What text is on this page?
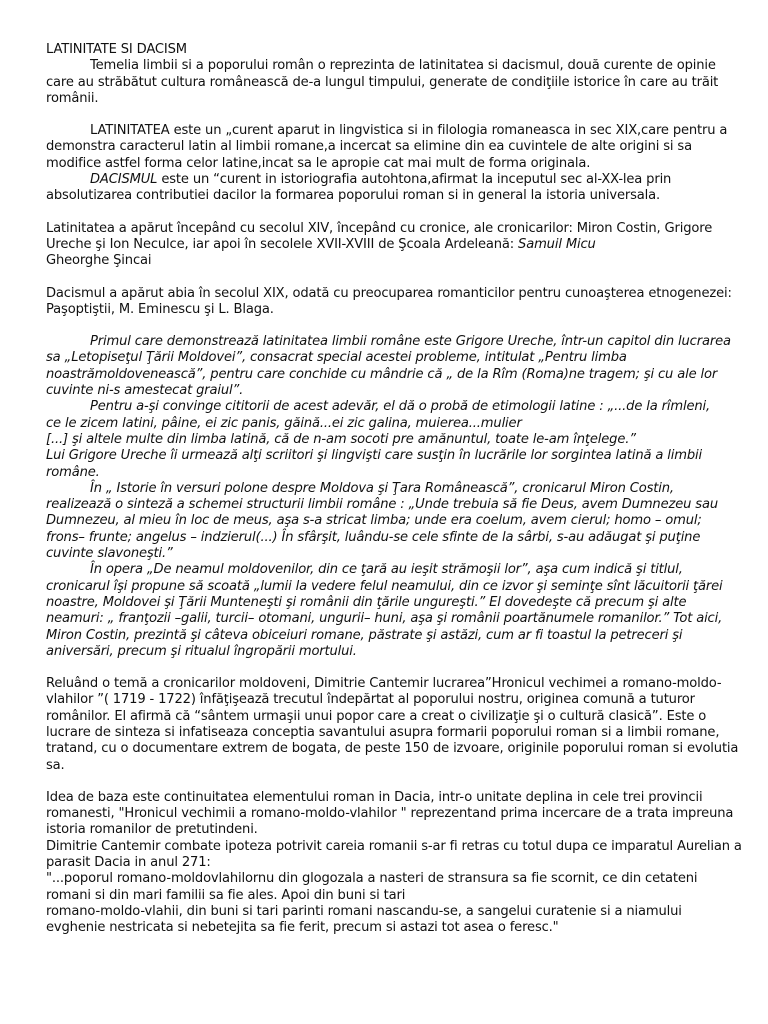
LATINITATE SI DACISM

Temelia limbii si a poporului român o reprezinta de latinitatea si dacismul, două curente de opinie care au străbătut cultura românească de-a lungul timpului, generate de condiţiile istorice în care au trăit românii.

LATINITATEA este un „curent aparut in lingvistica si in filologia romaneasca in sec XIX,care pentru a demonstra caracterul latin al limbii romane,a incercat sa elimine din ea cuvintele de alte origini si sa modifice astfel forma celor latine,incat sa le apropie cat mai mult de forma originala.

DACISMUL este un “curent in istoriografia autohtona,afirmat la inceputul sec al-XX-lea prin absolutizarea contributiei dacilor la formarea poporului roman si in general la istoria universala.

Latinitatea a apărut începând cu secolul XIV, începând cu cronice, ale cronicarilor: Miron Costin, Grigore Ureche şi Ion Neculce, iar apoi în secolele XVII-XVIII de Şcoala Ardeleană: Samuil Micu

Gheorghe Şincai

Dacismul a apărut abia în secolul XIX, odată cu preocuparea romanticilor pentru cunoaşterea etnogenezei: Paşoptiştii, M. Eminescu şi L. Blaga.

Primul care demonstrează latinitatea limbii române este Grigore Ureche, într-un capitol din lucrarea sa „Letopiseţul Ţării Moldovei”, consacrat special acestei probleme, intitulat „Pentru limba noastrămoldovenească”, pentru care conchide cu mândrie că „ de la Rîm (Roma)ne tragem; şi cu ale lor cuvinte ni-s amestecat graiul”.

Pentru a-şi convinge cititorii de acest adevăr, el dă o probă de etimologii latine : „...de la rîmleni,

ce le zicem latini, pâine, ei zic panis, găină...ei zic galina, muierea...mulier

[...] şi altele multe din limba latină, că de n-am socoti pre amănuntul, toate le-am înţelege.”

Lui Grigore Ureche îi urmează alţi scriitori şi lingvişti care susţin în lucrările lor sorgintea latină a limbii române.

În „ Istorie în versuri polone despre Moldova şi Ţara Românească”, cronicarul Miron Costin, realizează o sinteză a schemei structurii limbii române : „Unde trebuia să fie Deus, avem Dumnezeu sau

Dumnezeu, al mieu în loc de meus, aşa s-a stricat limba; unde era coelum, avem cierul; homo – omul; frons– frunte; angelus – indzierul(...) În sfârşit, luându-se cele sfinte de la sârbi, s-au adăugat şi puţine cuvinte slavoneşti.”

În opera „De neamul moldovenilor, din ce ţară au ieşit strămoşii lor”, aşa cum indică şi titlul, cronicarul îşi propune să scoată „lumii la vedere felul neamului, din ce izvor şi seminţe sînt lăcuitorii ţărei noastre, Moldovei şi Ţării Munteneşti şi românii din ţările ungureşti.” El dovedeşte că precum şi alte neamuri: „ franţozii –galii, turcii– otomani, ungurii– huni, aşa şi românii poartănumele romanilor.” Tot aici, Miron Costin, prezintă şi câteva obiceiuri romane, păstrate şi astăzi, cum ar fi toastul la petreceri şi aniversări, precum şi ritualul îngropării mortului.

Reluând o temă a cronicarilor moldoveni, Dimitrie Cantemir lucrarea”Hronicul vechimei a romano-moldo-vlahilor ”( 1719 - 1722) înfăţişează trecutul îndepărtat al poporului nostru, originea comună a tuturor românilor. El afirmă că “sântem urmaşii unui popor care a creat o civilizaţie şi o cultură clasică”. Este o lucrare de sinteza si infatiseaza conceptia savantului asupra formarii poporului roman si a limbii romane, tratand, cu o documentare extrem de bogata, de peste 150 de izvoare, originile poporului roman si evolutia sa.

Idea de baza este continuitatea elementului roman in Dacia, intr-o unitate deplina in cele trei provincii romanesti, "Hronicul vechimii a romano-moldo-vlahilor " reprezentand prima incercare de a trata impreuna istoria romanilor de pretutindeni.

Dimitrie Cantemir combate ipoteza potrivit careia romanii s-ar fi retras cu totul dupa ce imparatul Aurelian a parasit Dacia in anul 271:

"...poporul romano-moldovlahilornu din glogozala a nasteri de stransura sa fie scornit, ce din cetateni romani si din mari familii sa fie ales. Apoi din buni si tari

romano-moldo-vlahii, din buni si tari parinti romani nascandu-se, a sangelui curatenie si a niamului evghenie nestricata si nebetejita sa fie ferit, precum si astazi tot asea o feresc."
